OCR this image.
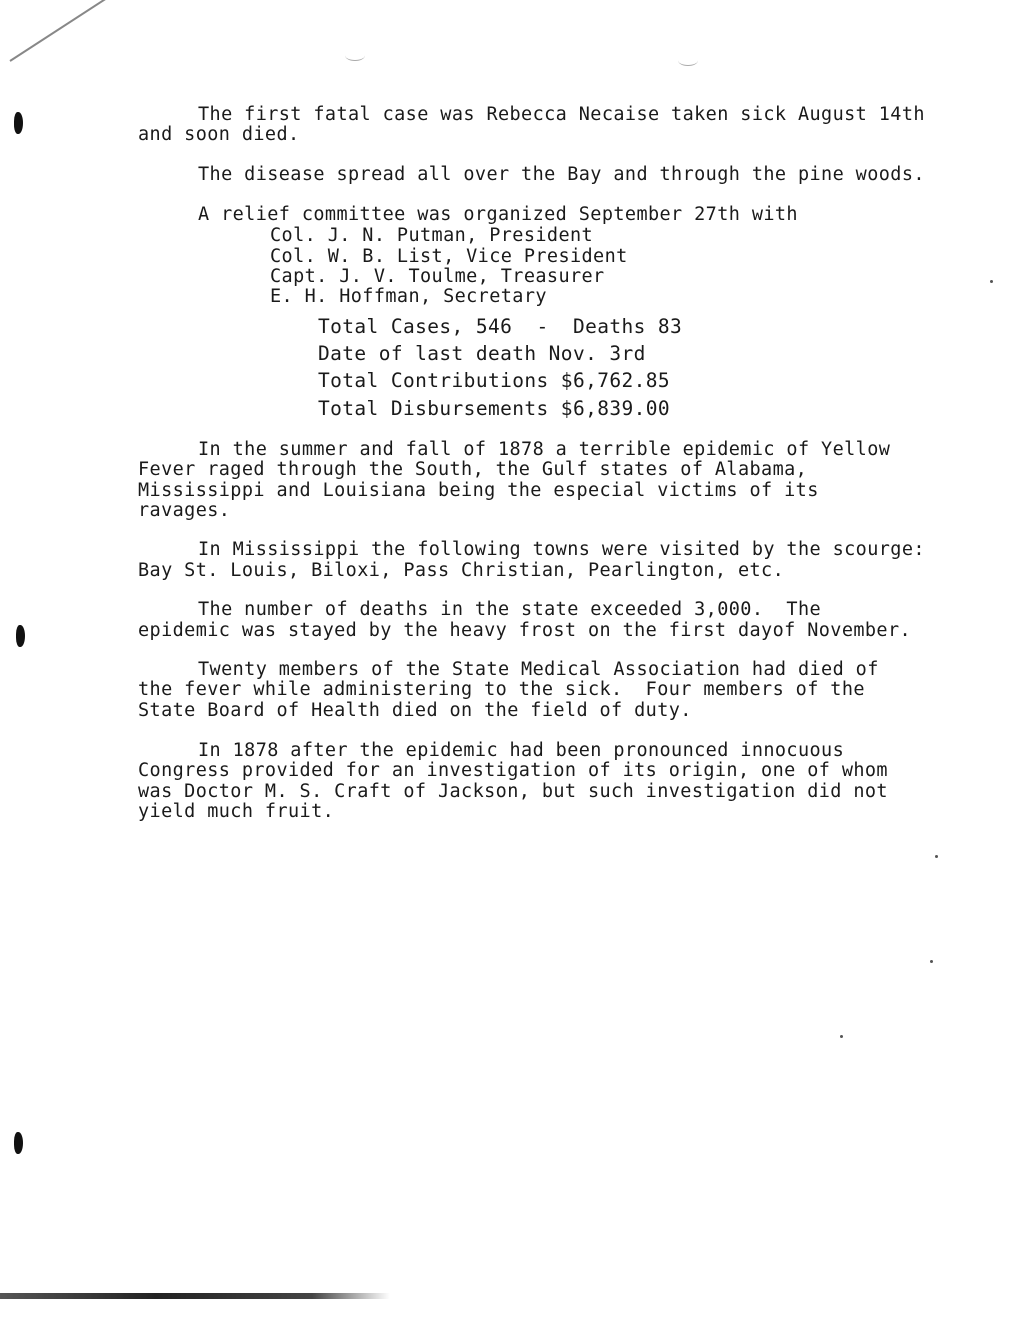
The first fatal case was Rebecca Necaise taken sick August 14th
and soon died.
The disease spread all over the Bay and through the pine woods.
A relief committee was organized September 27th with
Col. J. N. Putman, President
Col. W. B. List, Vice President
Capt. J. V. Toulme, Treasurer
E. H. Hoffman, Secretary
Total Cases, 546  -  Deaths 83
Date of last death Nov. 3rd
Total Contributions $6,762.85
Total Disbursements $6,839.00
In the summer and fall of 1878 a terrible epidemic of Yellow
Fever raged through the South, the Gulf states of Alabama,
Mississippi and Louisiana being the especial victims of its
ravages.
In Mississippi the following towns were visited by the scourge:
Bay St. Louis, Biloxi, Pass Christian, Pearlington, etc.
The number of deaths in the state exceeded 3,000.  The
epidemic was stayed by the heavy frost on the first dayof November.
Twenty members of the State Medical Association had died of
the fever while administering to the sick.  Four members of the
State Board of Health died on the field of duty.
In 1878 after the epidemic had been pronounced innocuous
Congress provided for an investigation of its origin, one of whom
was Doctor M. S. Craft of Jackson, but such investigation did not
yield much fruit.
